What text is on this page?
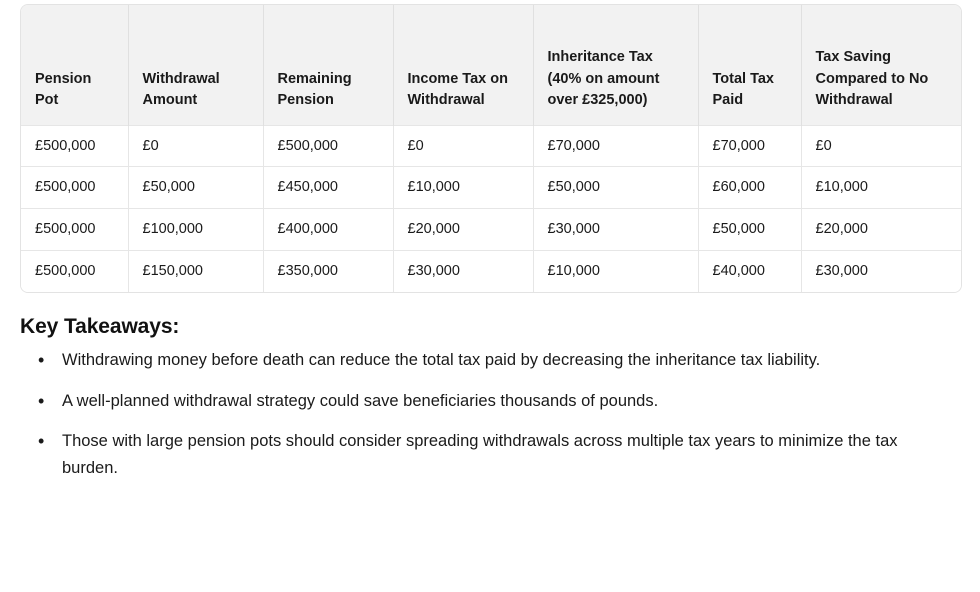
Pension Pot	Withdrawal Amount	Remaining Pension	Income Tax on Withdrawal	Inheritance Tax (40% on amount over £325,000)	Total Tax Paid	Tax Saving Compared to No Withdrawal
£500,000	£0	£500,000	£0	£70,000	£70,000	£0
£500,000	£50,000	£450,000	£10,000	£50,000	£60,000	£10,000
£500,000	£100,000	£400,000	£20,000	£30,000	£50,000	£20,000
£500,000	£150,000	£350,000	£30,000	£10,000	£40,000	£30,000
Key Takeaways:
• Withdrawing money before death can reduce the total tax paid by decreasing the inheritance tax liability.
• A well-planned withdrawal strategy could save beneficiaries thousands of pounds.
• Those with large pension pots should consider spreading withdrawals across multiple tax years to minimize the tax burden.
